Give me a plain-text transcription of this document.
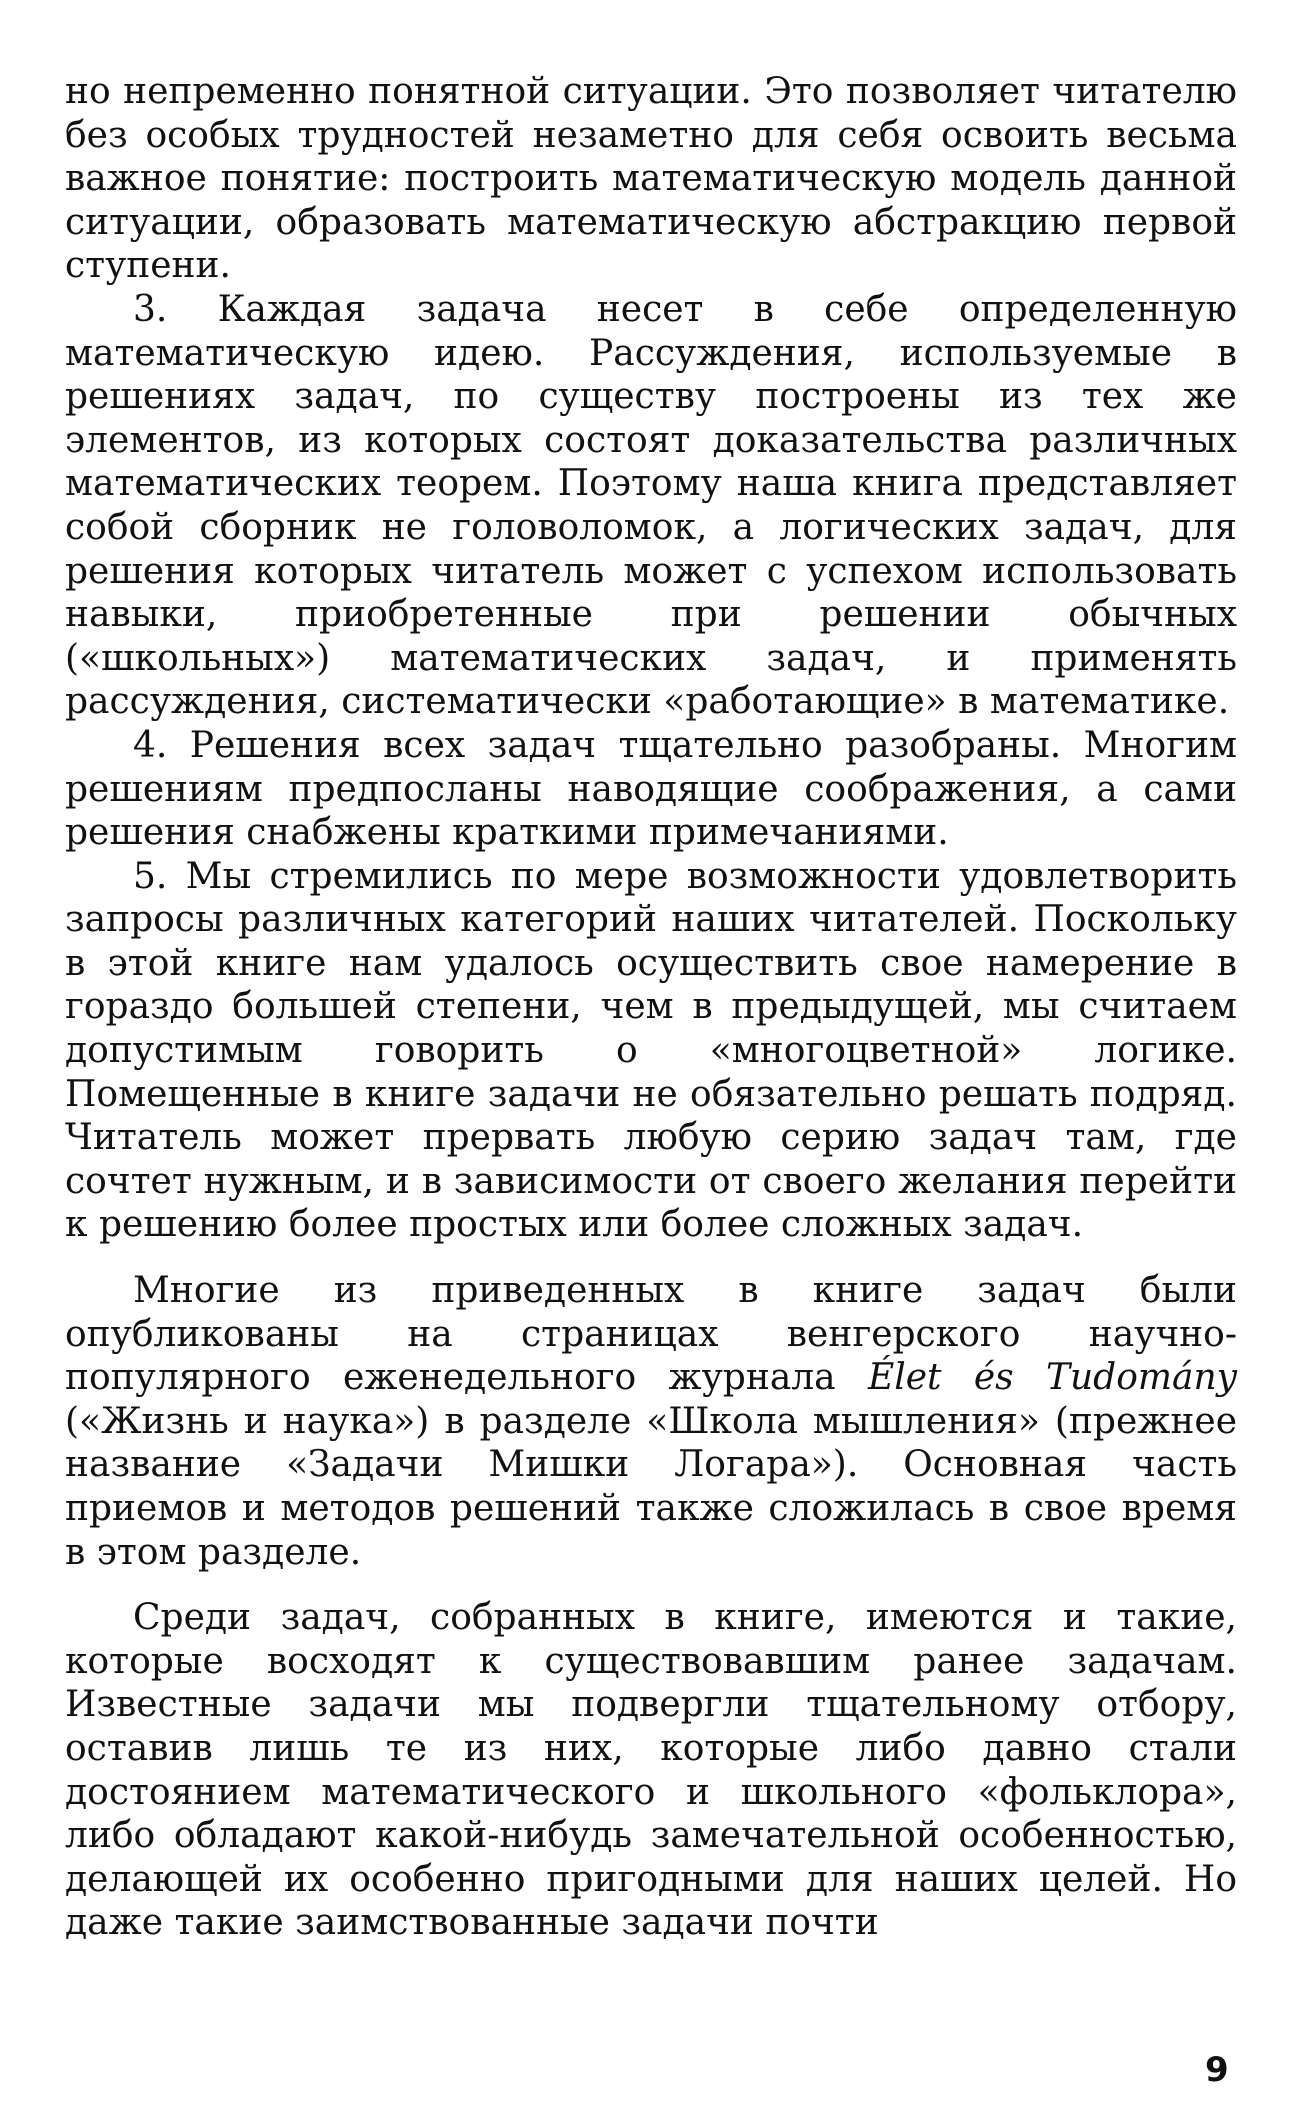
но непременно понятной ситуации. Это позволяет читателю без особых трудностей незаметно для себя освоить весьма важное понятие: построить математическую модель данной ситуации, образовать математическую абстракцию первой ступени.

3. Каждая задача несет в себе определенную математическую идею. Рассуждения, используемые в решениях задач, по существу построены из тех же элементов, из которых состоят доказательства различных математических теорем. Поэтому наша книга представляет собой сборник не головоломок, а логических задач, для решения которых читатель может с успехом использовать навыки, приобретенные при решении обычных («школьных») математических задач, и применять рассуждения, систематически «работающие» в математике.

4. Решения всех задач тщательно разобраны. Многим решениям предпосланы наводящие соображения, а сами решения снабжены краткими примечаниями.

5. Мы стремились по мере возможности удовлетворить запросы различных категорий наших читателей. Поскольку в этой книге нам удалось осуществить свое намерение в гораздо большей степени, чем в предыдущей, мы считаем допустимым говорить о «многоцветной» логике. Помещенные в книге задачи не обязательно решать подряд. Читатель может прервать любую серию задач там, где сочтет нужным, и в зависимости от своего желания перейти к решению более простых или более сложных задач.

Многие из приведенных в книге задач были опубликованы на страницах венгерского научно-популярного еженедельного журнала Élet és Tudomány («Жизнь и наука») в разделе «Школа мышления» (прежнее название «Задачи Мишки Логара»). Основная часть приемов и методов решений также сложилась в свое время в этом разделе.

Среди задач, собранных в книге, имеются и такие, которые восходят к существовавшим ранее задачам. Известные задачи мы подвергли тщательному отбору, оставив лишь те из них, которые либо давно стали достоянием математического и школьного «фольклора», либо обладают какой-нибудь замечательной особенностью, делающей их особенно пригодными для наших целей. Но даже такие заимствованные задачи почти

9
